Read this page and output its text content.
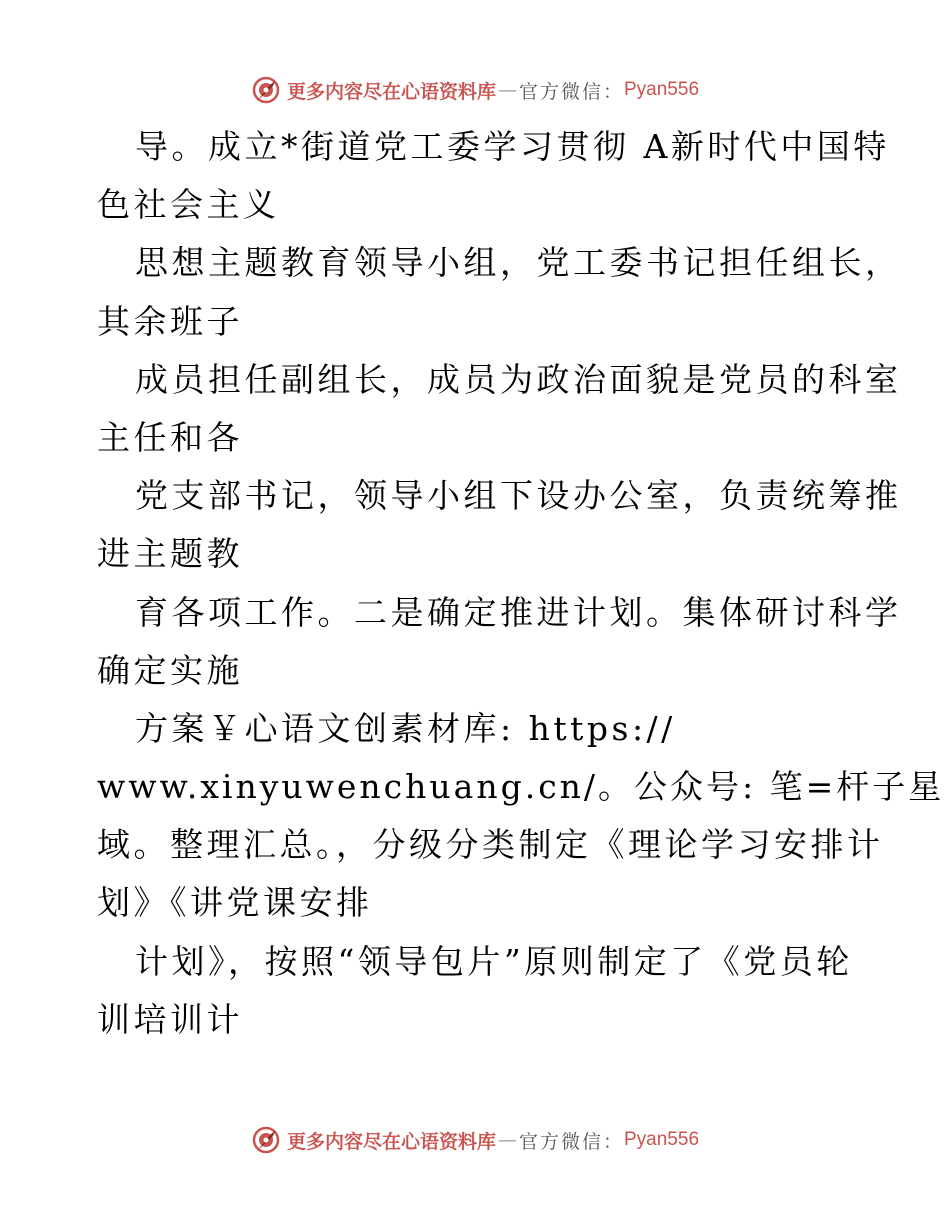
更多内容尽在心语资料库 — 官方微信： Pyan556
导。成立*街道党工委学习贯彻 A新时代中国特
色社会主义
思想主题教育领导小组，党工委书记担任组长，
其余班子
成员担任副组长，成员为政治面貌是党员的科室
主任和各
党支部书记，领导小组下设办公室，负责统筹推
进主题教
育各项工作。二是确定推进计划。集体研讨科学
确定实施
方案￥心语文创素材库: https://
www.xinyuwenchuang.cn/。公众号: 笔=杆子星
域。整理汇总。，分级分类制定《理论学习安排计
划》《讲党课安排
计划》，按照“领导包片”原则制定了《党员轮
训培训计
更多内容尽在心语资料库 — 官方微信： Pyan556
